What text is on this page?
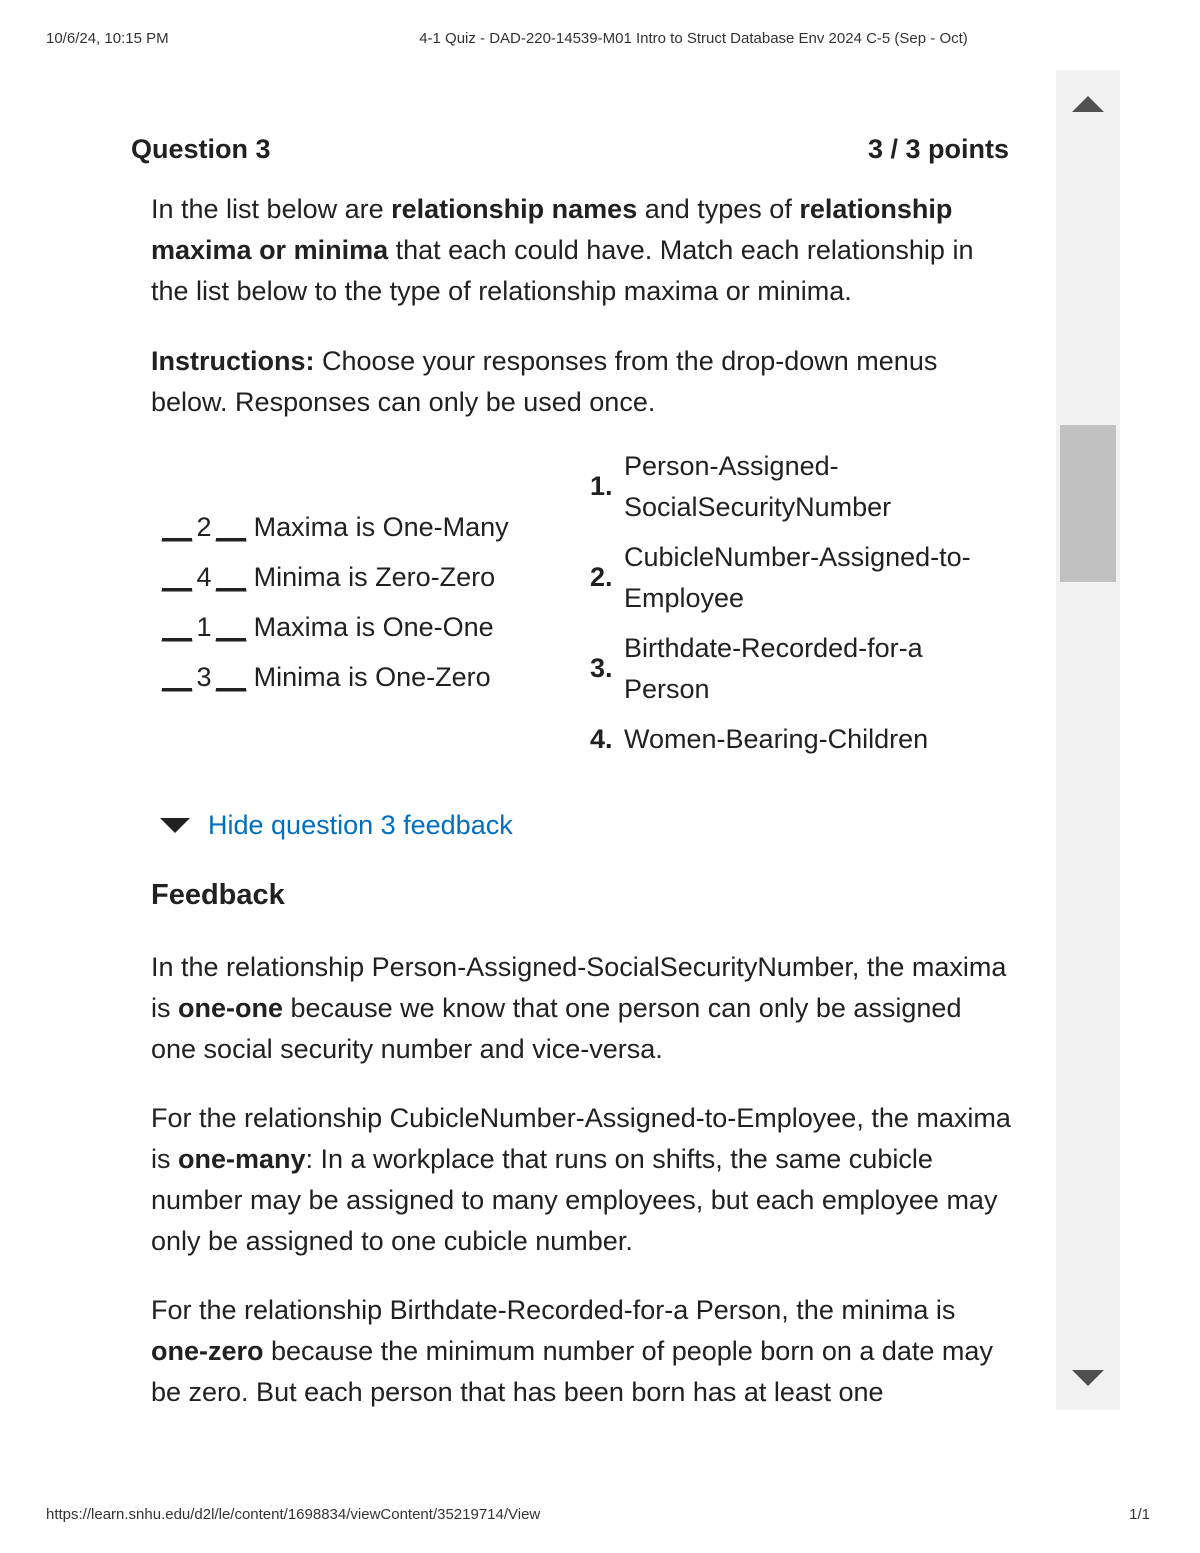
10/6/24, 10:15 PM	4-1 Quiz - DAD-220-14539-M01 Intro to Struct Database Env 2024 C-5 (Sep - Oct)
Question 3	3 / 3 points
In the list below are relationship names and types of relationship maxima or minima that each could have. Match each relationship in the list below to the type of relationship maxima or minima.
Instructions: Choose your responses from the drop-down menus below. Responses can only be used once.
__ 2 __ Maxima is One-Many
__ 4 __ Minima is Zero-Zero
__ 1 __ Maxima is One-One
__ 3 __ Minima is One-Zero
1.
Person-Assigned-
SocialSecurityNumber
2.
CubicleNumber-Assigned-to-
Employee
3.
Birthdate-Recorded-for-a
Person
4. Women-Bearing-Children
Hide question 3 feedback
Feedback
In the relationship Person-Assigned-SocialSecurityNumber, the maxima is one-one because we know that one person can only be assigned one social security number and vice-versa.
For the relationship CubicleNumber-Assigned-to-Employee, the maxima is one-many: In a workplace that runs on shifts, the same cubicle number may be assigned to many employees, but each employee may only be assigned to one cubicle number.
For the relationship Birthdate-Recorded-for-a Person, the minima is one-zero because the minimum number of people born on a date may be zero. But each person that has been born has at least one
https://learn.snhu.edu/d2l/le/content/1698834/viewContent/35219714/View	1/1
